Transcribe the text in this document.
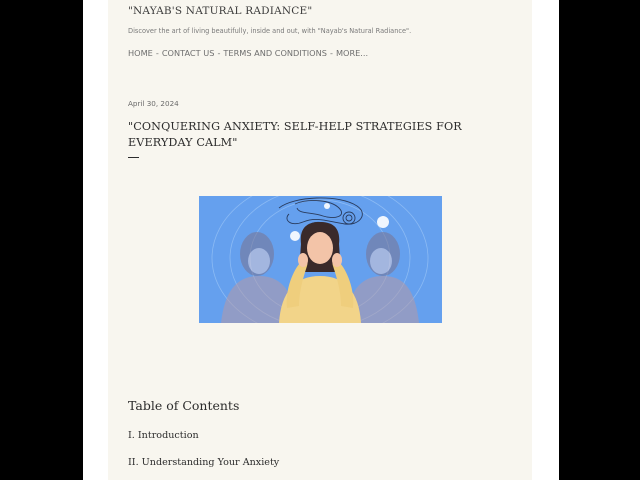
"NAYAB'S NATURAL RADIANCE"
Discover the art of living beautifully, inside and out, with "Nayab's Natural Radiance".
HOME - CONTACT US - TERMS AND CONDITIONS - MORE...
April 30, 2024
"CONQUERING ANXIETY: SELF-HELP STRATEGIES FOR EVERYDAY CALM"
Table of Contents
I. Introduction
II. Understanding Your Anxiety
